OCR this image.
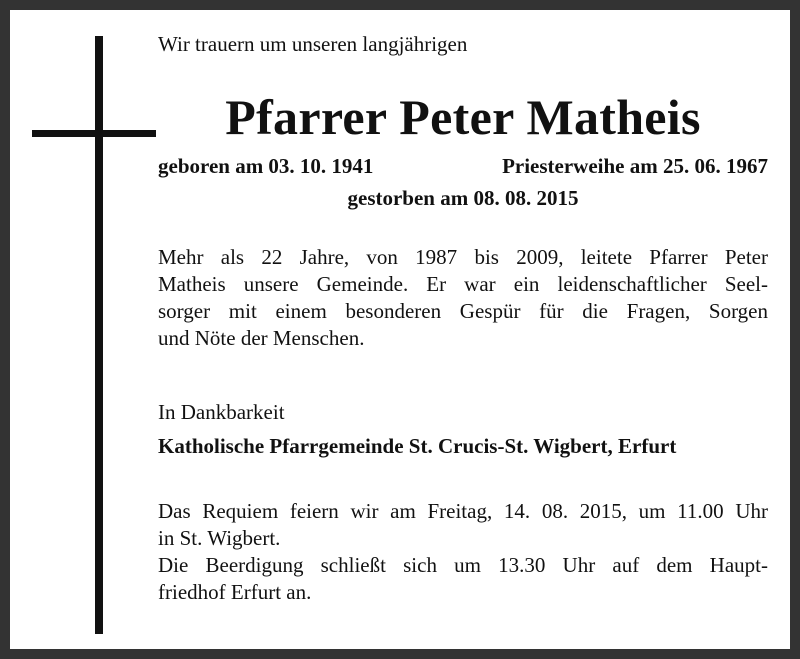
Wir trauern um unseren langjährigen

Pfarrer Peter Matheis
geboren am 03. 10. 1941	Priesterweihe am 25. 06. 1967
gestorben am 08. 08. 2015

Mehr als 22 Jahre, von 1987 bis 2009, leitete Pfarrer Peter

Matheis unsere Gemeinde. Er war ein leidenschaftlicher Seel-

sorger mit einem besonderen Gespür für die Fragen, Sorgen

und Nöte der Menschen.

In Dankbarkeit
Katholische Pfarrgemeinde St. Crucis-St. Wigbert, Erfurt

Das Requiem feiern wir am Freitag, 14. 08. 2015, um 11.00 Uhr

in St. Wigbert.

Die Beerdigung schließt sich um 13.30 Uhr auf dem Haupt-

friedhof Erfurt an.
